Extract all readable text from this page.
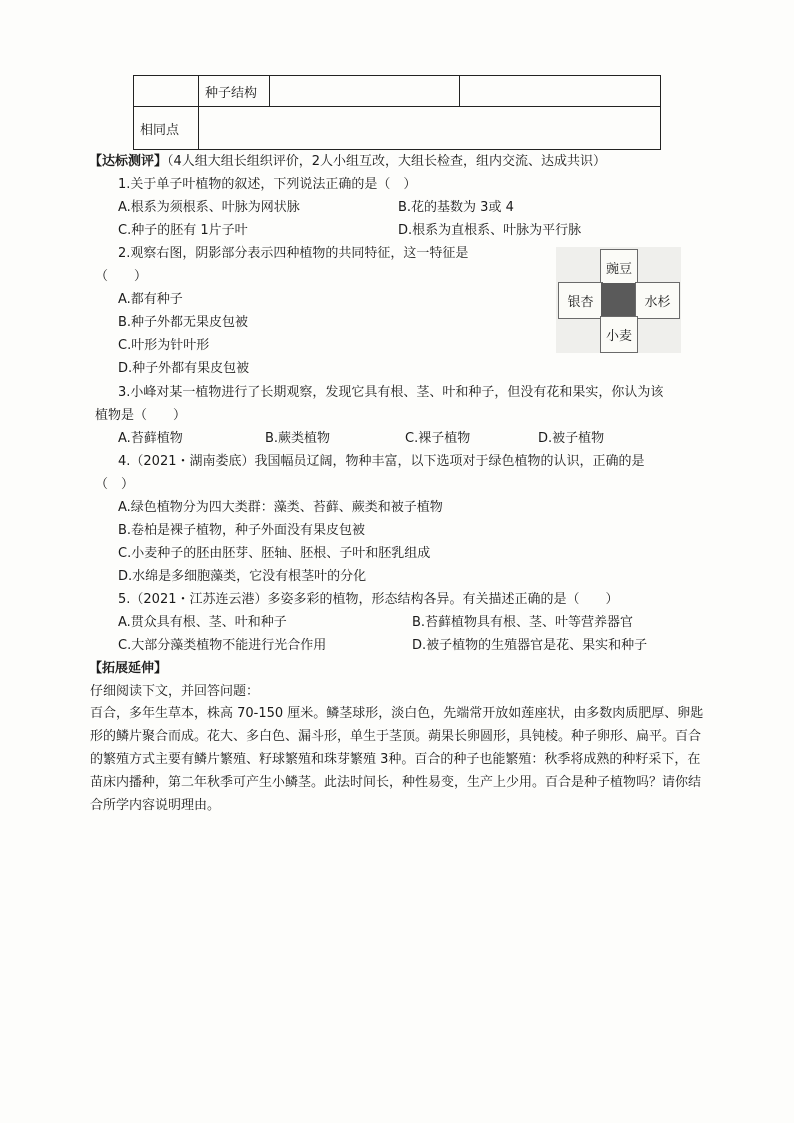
	种子结构		
相同点			
【达标测评】（4人组大组长组织评价，2人小组互改，大组长检查，组内交流、达成共识）
1.关于单子叶植物的叙述，下列说法正确的是（　）
A.根系为须根系、叶脉为网状脉	B.花的基数为 3或 4
C.种子的胚有 1片子叶	D.根系为直根系、叶脉为平行脉
2.观察右图，阴影部分表示四种植物的共同特征，这一特征是
（　　）
A.都有种子
B.种子外都无果皮包被
C.叶形为针叶形
D.种子外都有果皮包被
豌豆
银杏	水杉
小麦
3.小峰对某一植物进行了长期观察，发现它具有根、茎、叶和种子，但没有花和果实，你认为该
植物是（　　）
A.苔藓植物	B.蕨类植物	C.裸子植物	D.被子植物
4.（2021・湖南娄底）我国幅员辽阔，物种丰富，以下选项对于绿色植物的认识，正确的是
（　）
A.绿色植物分为四大类群：藻类、苔藓、蕨类和被子植物
B.卷柏是裸子植物，种子外面没有果皮包被
C.小麦种子的胚由胚芽、胚轴、胚根、子叶和胚乳组成
D.水绵是多细胞藻类，它没有根茎叶的分化
5.（2021・江苏连云港）多姿多彩的植物，形态结构各异。有关描述正确的是（　　）
A.贯众具有根、茎、叶和种子	B.苔藓植物具有根、茎、叶等营养器官
C.大部分藻类植物不能进行光合作用	D.被子植物的生殖器官是花、果实和种子
【拓展延伸】
仔细阅读下文，并回答问题：
百合，多年生草本，株高 70-150 厘米。鳞茎球形，淡白色，先端常开放如莲座状，由多数肉质肥厚、卵匙形的鳞片聚合而成。花大、多白色、漏斗形，单生于茎顶。蒴果长卵圆形，具钝棱。种子卵形、扁平。百合的繁殖方式主要有鳞片繁殖、籽球繁殖和珠芽繁殖 3种。百合的种子也能繁殖：秋季将成熟的种籽采下，在苗床内播种，第二年秋季可产生小鳞茎。此法时间长，种性易变，生产上少用。百合是种子植物吗？请你结合所学内容说明理由。
